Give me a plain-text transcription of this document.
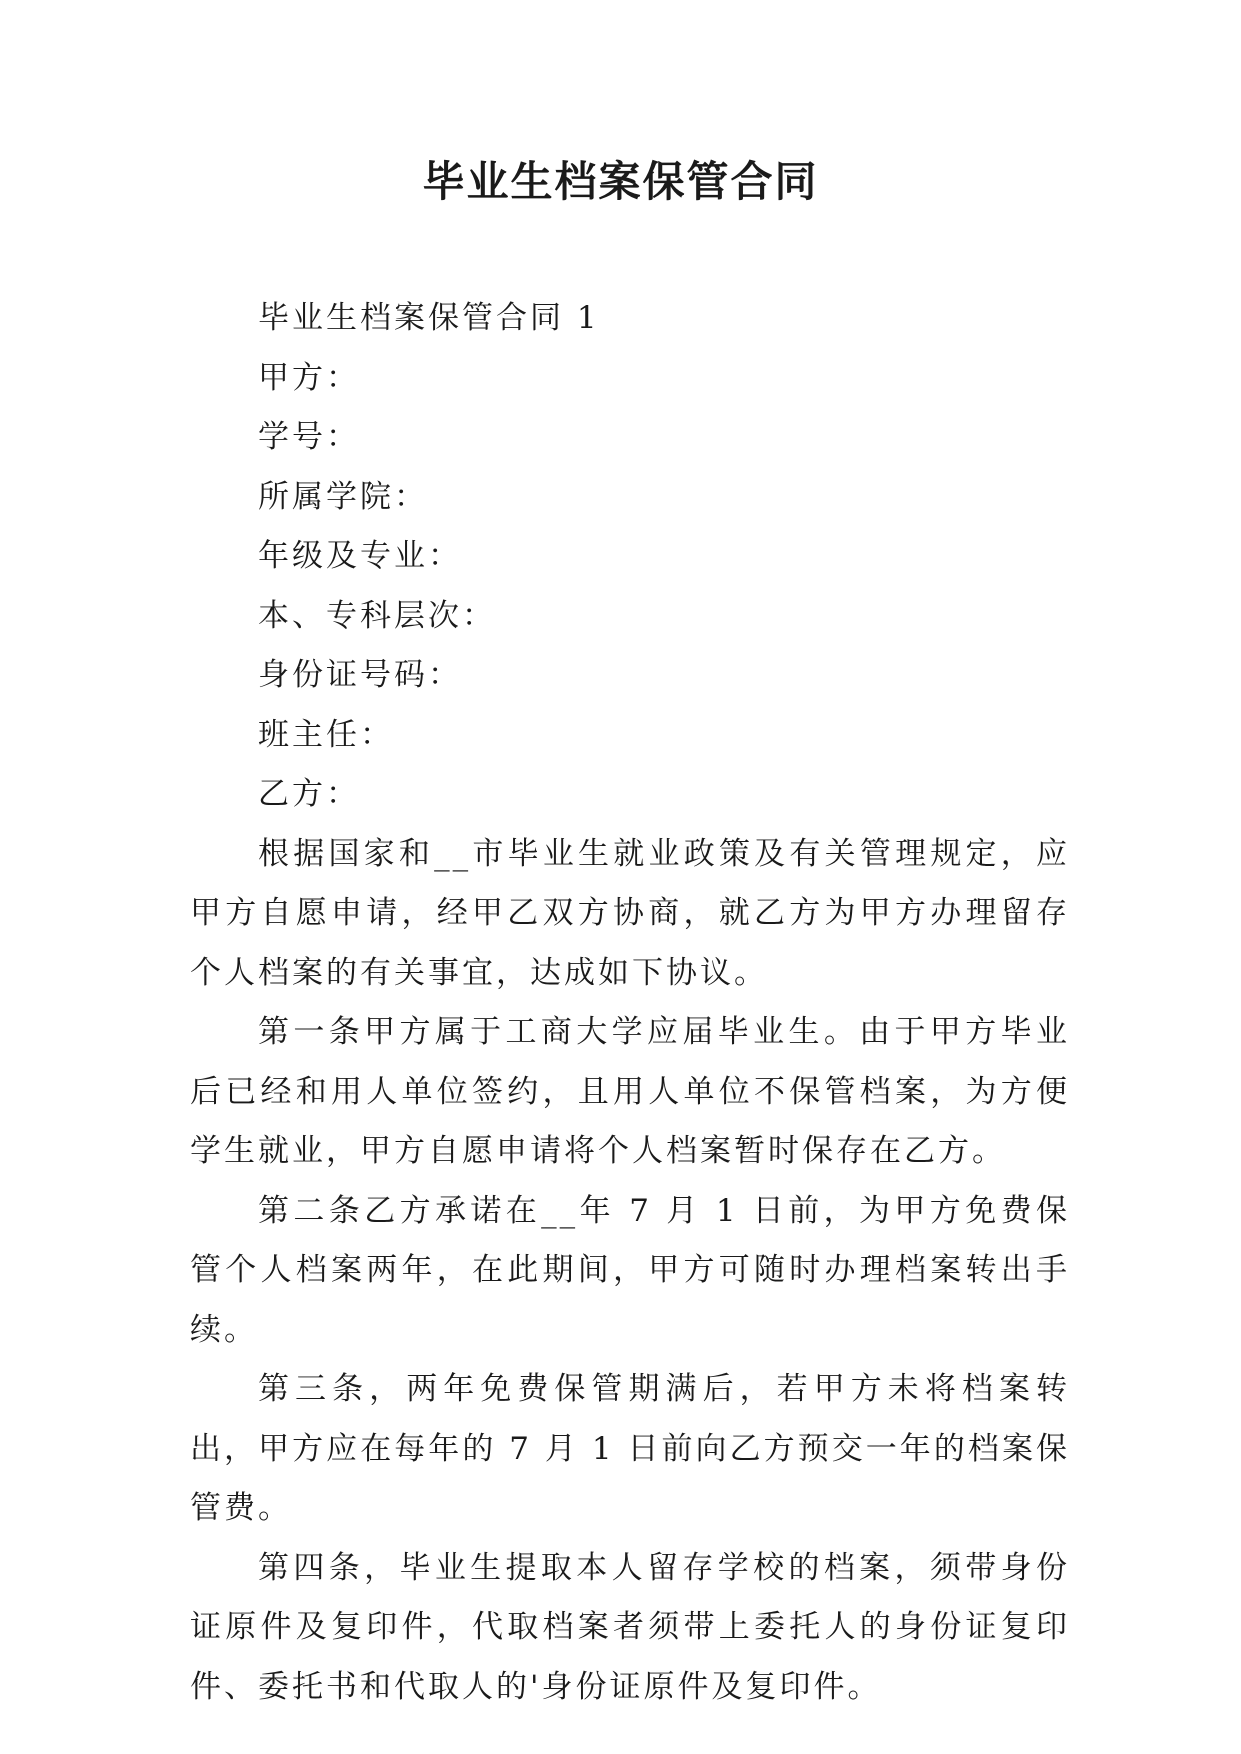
毕业生档案保管合同

毕业生档案保管合同 1

甲方：

学号：

所属学院：

年级及专业：

本、专科层次：

身份证号码：

班主任：

乙方：

根据国家和__市毕业生就业政策及有关管理规定，应甲方自愿申请，经甲乙双方协商，就乙方为甲方办理留存个人档案的有关事宜，达成如下协议。

第一条甲方属于工商大学应届毕业生。由于甲方毕业后已经和用人单位签约，且用人单位不保管档案，为方便学生就业，甲方自愿申请将个人档案暂时保存在乙方。

第二条乙方承诺在__年 7 月 1 日前，为甲方免费保管个人档案两年，在此期间，甲方可随时办理档案转出手续。

第三条，两年免费保管期满后，若甲方未将档案转出，甲方应在每年的 7 月 1 日前向乙方预交一年的档案保管费。

第四条，毕业生提取本人留存学校的档案，须带身份证原件及复印件，代取档案者须带上委托人的身份证复印件、委托书和代取人的'身份证原件及复印件。
